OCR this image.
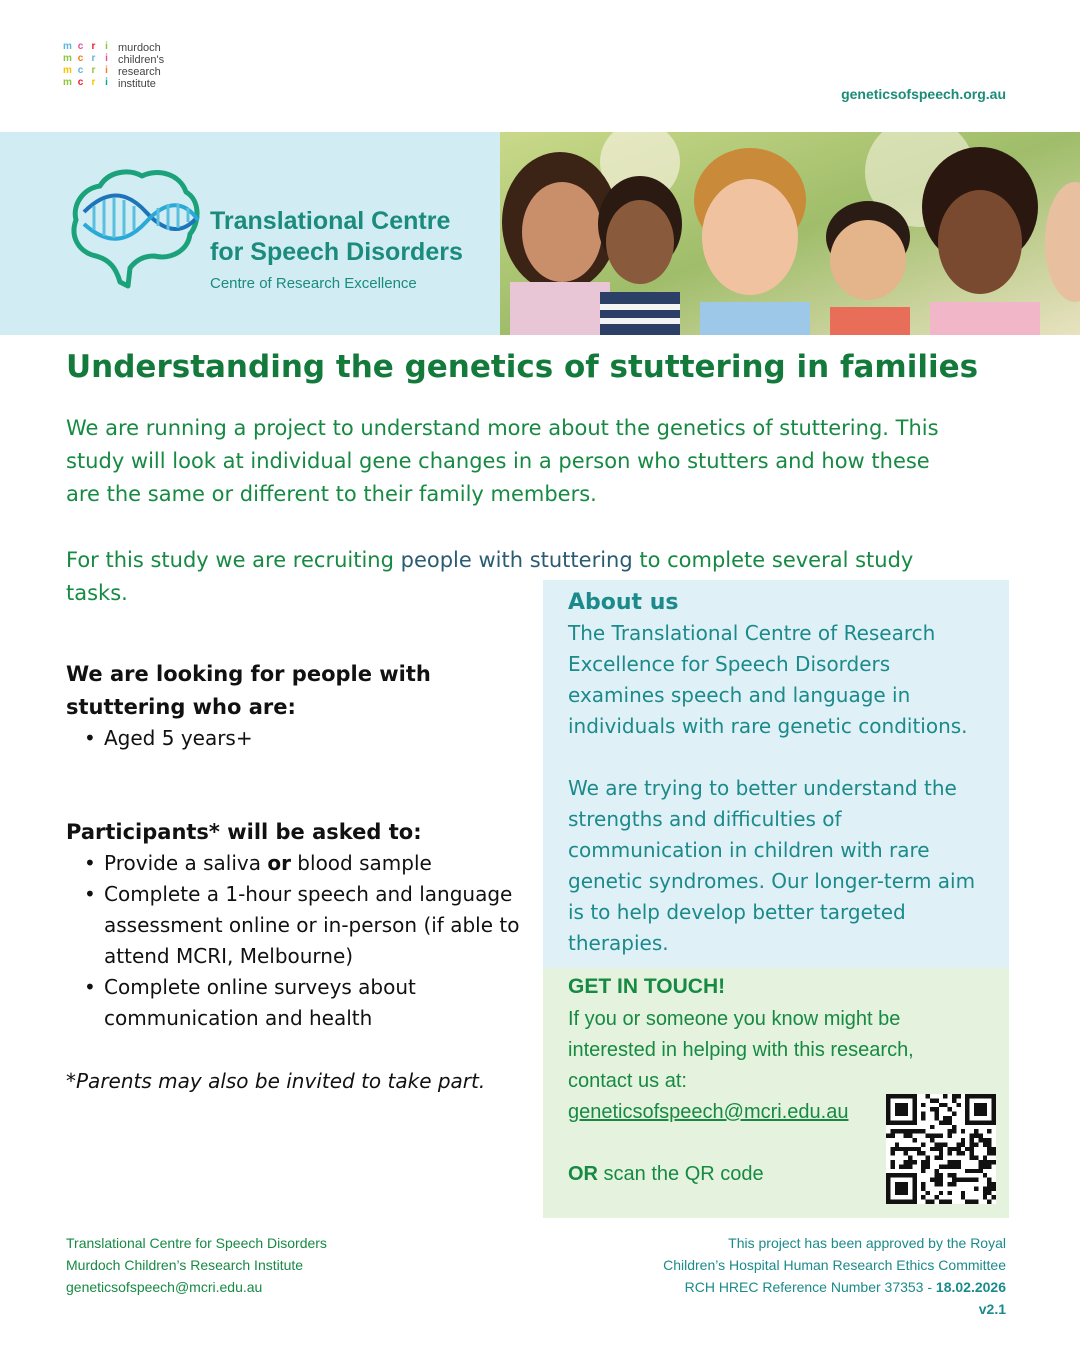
m c r i
m c r i
m c r i
m c r i
murdoch
children's
research
institute
geneticsofspeech.org.au
Translational Centre
for Speech Disorders
Centre of Research Excellence
Understanding the genetics of stuttering in families

We are running a project to understand more about the genetics of stuttering. This study will look at individual gene changes in a person who stutters and how these are the same or different to their family members.

For this study we are recruiting people with stuttering to complete several study tasks.

We are looking for people with stuttering who are:
• Aged 5 years+
Participants* will be asked to:
• Provide a saliva or blood sample
• Complete a 1-hour speech and language assessment online or in-person (if able to attend MCRI, Melbourne)
• Complete online surveys about communication and health

*Parents may also be invited to take part.

About us

The Translational Centre of Research Excellence for Speech Disorders examines speech and language in individuals with rare genetic conditions.

We are trying to better understand the strengths and difficulties of communication in children with rare genetic syndromes. Our longer-term aim is to help develop better targeted therapies.

GET IN TOUCH!

If you or someone you know might be interested in helping with this research, contact us at:

geneticsofspeech@mcri.edu.au

OR scan the QR code

Translational Centre for Speech Disorders
Murdoch Children’s Research Institute
geneticsofspeech@mcri.edu.au
This project has been approved by the Royal
Children’s Hospital Human Research Ethics Committee
RCH HREC Reference Number 37353 - 18.02.2026
v2.1
